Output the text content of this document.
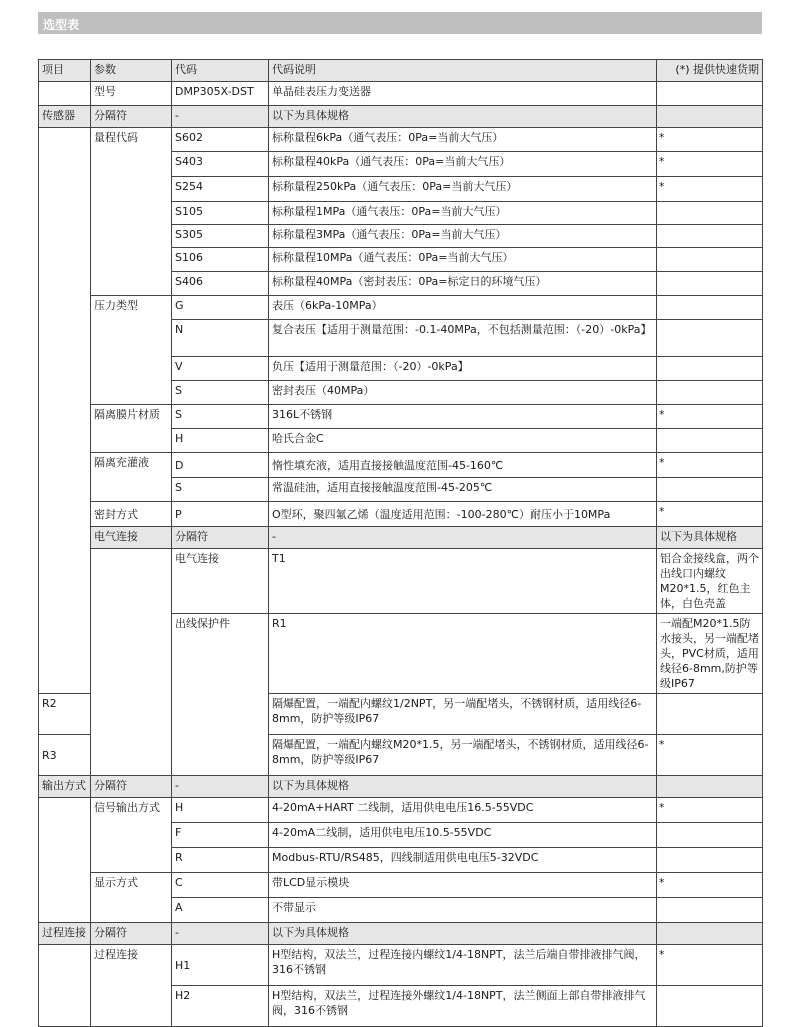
选型表
项目	参数	代码	代码说明	(*) 提供快速货期	
	型号	DMP305X-DST	单晶硅表压力变送器		
传感器	分隔符	-	以下为具体规格		
	量程代码	S602	标称量程6kPa（通气表压：0Pa=当前大气压）	*	
		S403	标称量程40kPa（通气表压：0Pa=当前大气压）	*	
		S254	标称量程250kPa（通气表压：0Pa=当前大气压）	*	
		S105	标称量程1MPa（通气表压：0Pa=当前大气压）		
		S305	标称量程3MPa（通气表压：0Pa=当前大气压）		
		S106	标称量程10MPa（通气表压：0Pa=当前大气压）		
		S406	标称量程40MPa（密封表压：0Pa=标定日的环境气压）		
	压力类型	G	表压（6kPa-10MPa）		
		N	复合表压【适用于测量范围：-0.1-40MPa，不包括测量范围：（-20）-0kPa】		
		V	负压【适用于测量范围：（-20）-0kPa】		
		S	密封表压（40MPa）		
	隔离膜片材质	S	316L不锈钢	*	
		H	哈氏合金C		
	隔离充灌液	D	惰性填充液，适用直接接触温度范围-45-160℃	*	
		S	常温硅油，适用直接接触温度范围-45-205℃		
	密封方式	P	O型环，聚四氟乙烯（温度适用范围：-100-280℃）耐压小于10MPa	*	
	电气连接	分隔符	-	以下为具体规格	
		电气连接	T1	铝合金接线盒，两个出线口内螺纹M20*1.5，红色主体，白色壳盖	
		出线保护件	R1	一端配M20*1.5防水接头，另一端配堵头，PVC材质，适用线径6-8mm,防护等级IP67	
R2			隔爆配置，一端配内螺纹1/2NPT，另一端配堵头，不锈钢材质，适用线径6-8mm，防护等级IP67		
R3			隔爆配置，一端配内螺纹M20*1.5，另一端配堵头，不锈钢材质，适用线径6-8mm，防护等级IP67	*	
输出方式	分隔符	-	以下为具体规格		
	信号输出方式	H	4-20mA+HART 二线制，适用供电电压16.5-55VDC	*	
		F	4-20mA二线制，适用供电电压10.5-55VDC		
		R	Modbus-RTU/RS485，四线制适用供电电压5-32VDC		
	显示方式	C	带LCD显示模块	*	
		A	不带显示		
过程连接	分隔符	-	以下为具体规格		
	过程连接	H1	H型结构，双法兰，过程连接内螺纹1/4-18NPT，法兰后端自带排液排气阀，316不锈钢	*	
		H2	H型结构，双法兰，过程连接外螺纹1/4-18NPT，法兰侧面上部自带排液排气阀，316不锈钢		
